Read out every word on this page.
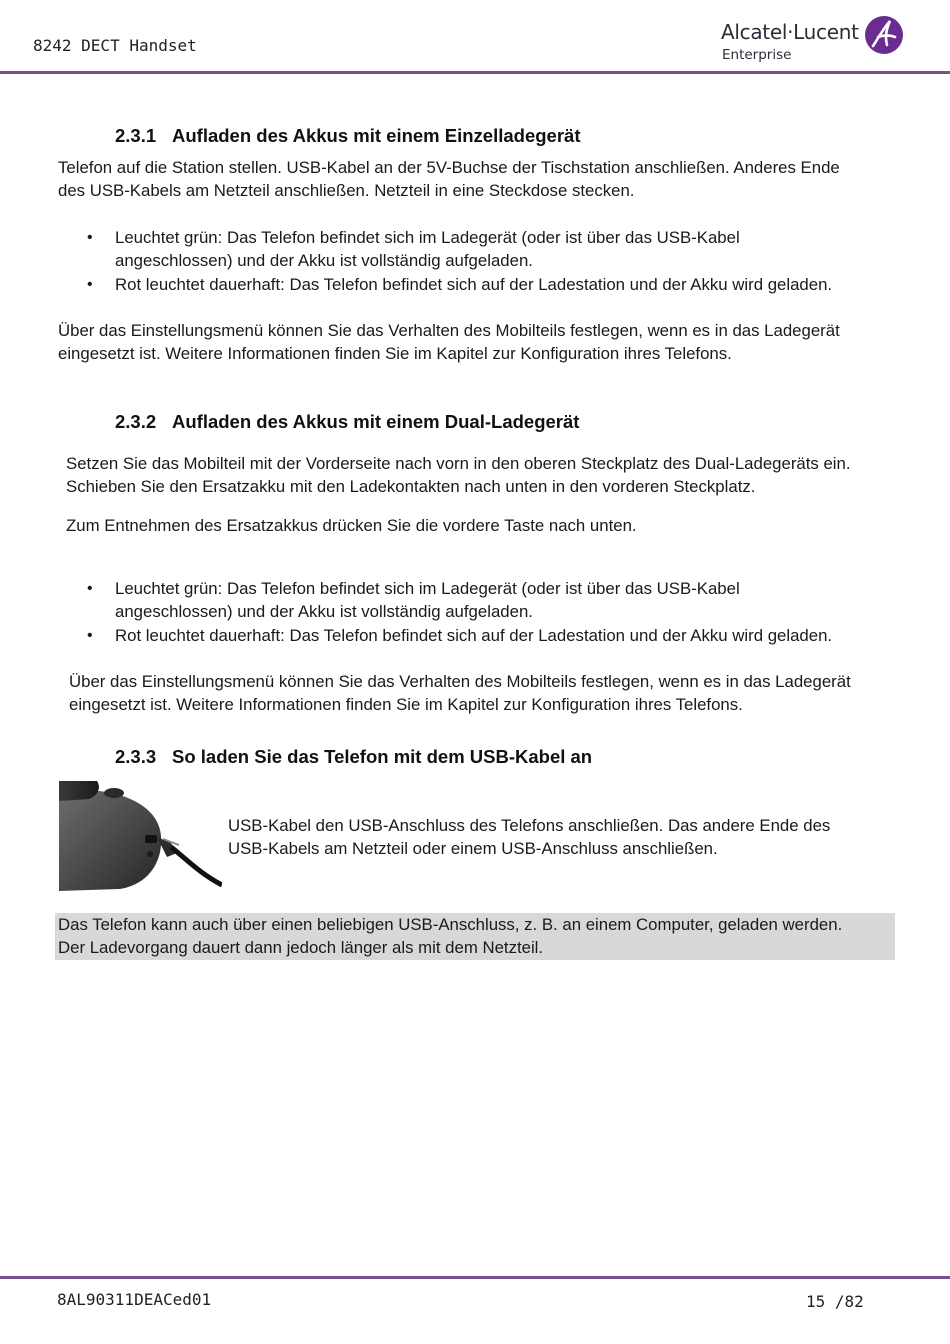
8242 DECT Handset
Alcatel·Lucent
Enterprise
2.3.1 Aufladen des Akkus mit einem Einzelladegerät
Telefon auf die Station stellen. USB-Kabel an der 5V-Buchse der Tischstation anschließen. Anderes Ende
des USB-Kabels am Netzteil anschließen. Netzteil in eine Steckdose stecken.
• Leuchtet grün: Das Telefon befindet sich im Ladegerät (oder ist über das USB-Kabel
angeschlossen) und der Akku ist vollständig aufgeladen.
• Rot leuchtet dauerhaft: Das Telefon befindet sich auf der Ladestation und der Akku wird geladen.
Über das Einstellungsmenü können Sie das Verhalten des Mobilteils festlegen, wenn es in das Ladegerät
eingesetzt ist. Weitere Informationen finden Sie im Kapitel zur Konfiguration ihres Telefons.
2.3.2 Aufladen des Akkus mit einem Dual-Ladegerät
Setzen Sie das Mobilteil mit der Vorderseite nach vorn in den oberen Steckplatz des Dual-Ladegeräts ein.
Schieben Sie den Ersatzakku mit den Ladekontakten nach unten in den vorderen Steckplatz.
Zum Entnehmen des Ersatzakkus drücken Sie die vordere Taste nach unten.
• Leuchtet grün: Das Telefon befindet sich im Ladegerät (oder ist über das USB-Kabel
angeschlossen) und der Akku ist vollständig aufgeladen.
• Rot leuchtet dauerhaft: Das Telefon befindet sich auf der Ladestation und der Akku wird geladen.
Über das Einstellungsmenü können Sie das Verhalten des Mobilteils festlegen, wenn es in das Ladegerät
eingesetzt ist. Weitere Informationen finden Sie im Kapitel zur Konfiguration ihres Telefons.
2.3.3 So laden Sie das Telefon mit dem USB-Kabel an
USB-Kabel den USB-Anschluss des Telefons anschließen. Das andere Ende des
USB-Kabels am Netzteil oder einem USB-Anschluss anschließen.
Das Telefon kann auch über einen beliebigen USB-Anschluss, z. B. an einem Computer, geladen werden.
Der Ladevorgang dauert dann jedoch länger als mit dem Netzteil.
8AL90311DEACed01	15 /82
